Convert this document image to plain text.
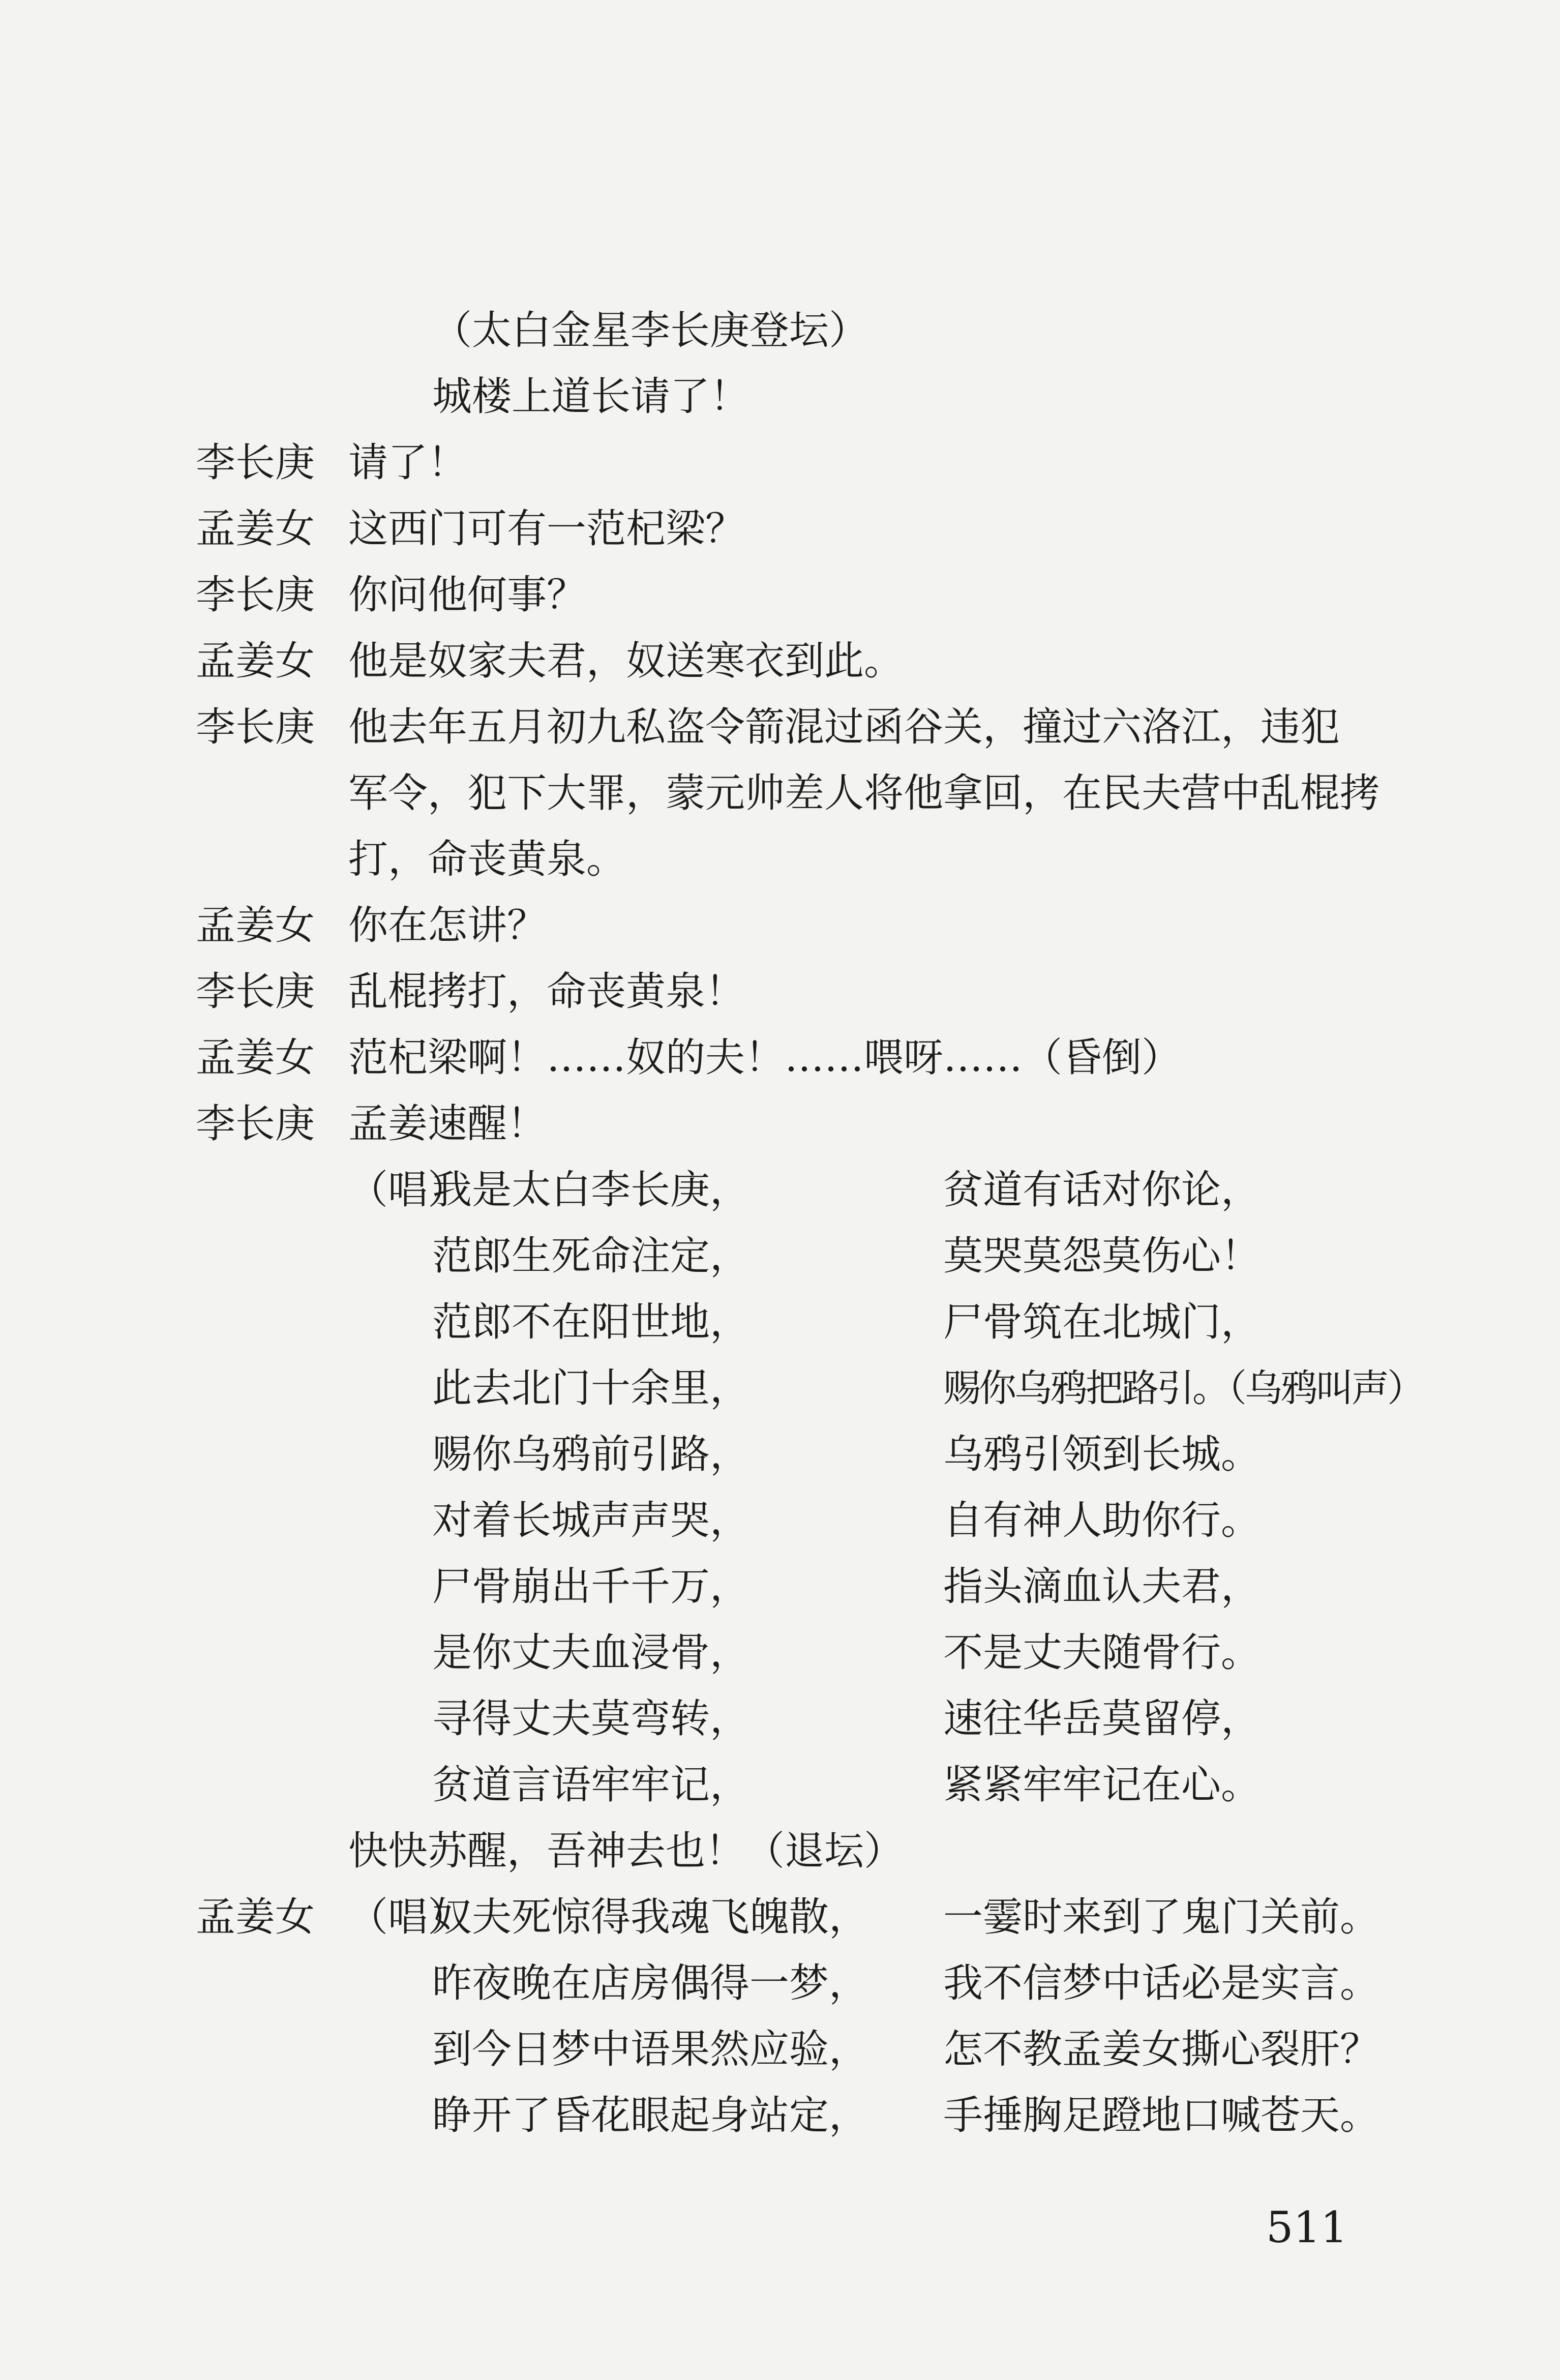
（太白金星李长庚登坛）
城楼上道长请了！
李长庚 请了！
孟姜女 这西门可有一范杞梁？
李长庚 你问他何事？
孟姜女 他是奴家夫君，奴送寒衣到此。
李长庚 他去年五月初九私盗令箭混过函谷关，撞过六洛江，违犯
军令，犯下大罪，蒙元帅差人将他拿回，在民夫营中乱棍拷
打，命丧黄泉。
孟姜女 你在怎讲？
李长庚 乱棍拷打，命丧黄泉！
孟姜女 范杞梁啊！……奴的夫！……喂呀……（昏倒）
李长庚 孟姜速醒！
（唱）
我是太白李长庚，	贫道有话对你论，
范郎生死命注定，	莫哭莫怨莫伤心！
范郎不在阳世地，	尸骨筑在北城门，
此去北门十余里，	赐你乌鸦把路引。（乌鸦叫声）
赐你乌鸦前引路，	乌鸦引领到长城。
对着长城声声哭，	自有神人助你行。
尸骨崩出千千万，	指头滴血认夫君，
是你丈夫血浸骨，	不是丈夫随骨行。
寻得丈夫莫弯转，	速往华岳莫留停，
贫道言语牢牢记，	紧紧牢牢记在心。
快快苏醒，吾神去也！（退坛）
孟姜女 （唱）
奴夫死惊得我魂飞魄散， 一霎时来到了鬼门关前。
昨夜晚在店房偶得一梦， 我不信梦中话必是实言。
到今日梦中语果然应验， 怎不教孟姜女撕心裂肝？
睁开了昏花眼起身站定， 手捶胸足蹬地口喊苍天。
511
